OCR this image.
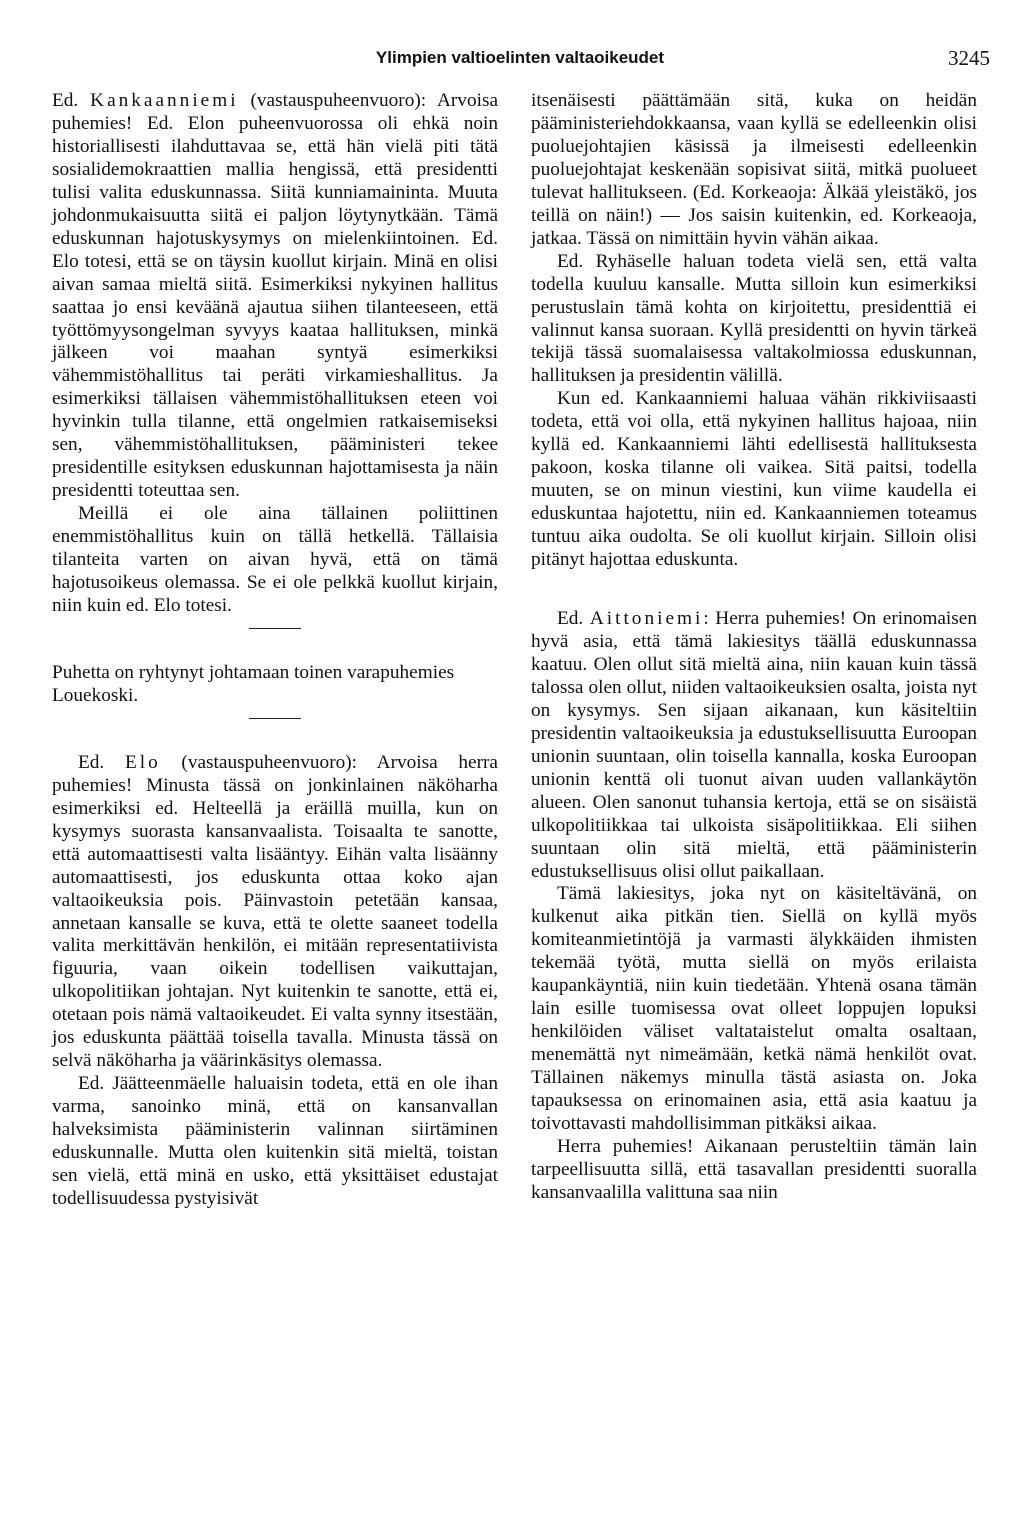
Ylimpien valtioelinten valtaoikeudet	3245

Ed. Kankaanniemi (vastauspuheenvuoro): Arvoisa puhemies! Ed. Elon puheenvuorossa oli ehkä noin historiallisesti ilahduttavaa se, että hän vielä piti tätä sosialidemokraattien mallia hengissä, että presidentti tulisi valita eduskunnassa. Siitä kunniamaininta. Muuta johdonmukaisuutta siitä ei paljon löytynytkään. Tämä eduskunnan hajotuskysymys on mielenkiintoinen. Ed. Elo totesi, että se on täysin kuollut kirjain. Minä en olisi aivan samaa mieltä siitä. Esimerkiksi nykyinen hallitus saattaa jo ensi keväänä ajautua siihen tilanteeseen, että työttömyysongelman syvyys kaataa hallituksen, minkä jälkeen voi maahan syntyä esimerkiksi vähemmistöhallitus tai peräti virkamieshallitus. Ja esimerkiksi tällaisen vähemmistöhallituksen eteen voi hyvinkin tulla tilanne, että ongelmien ratkaisemiseksi sen, vähemmistöhallituksen, pääministeri tekee presidentille esityksen eduskunnan hajottamisesta ja näin presidentti toteuttaa sen.

Meillä ei ole aina tällainen poliittinen enemmistöhallitus kuin on tällä hetkellä. Tällaisia tilanteita varten on aivan hyvä, että on tämä hajotusoikeus olemassa. Se ei ole pelkkä kuollut kirjain, niin kuin ed. Elo totesi.

Puhetta on ryhtynyt johtamaan toinen varapuhemies Louekoski.

Ed. Elo (vastauspuheenvuoro): Arvoisa herra puhemies! Minusta tässä on jonkinlainen näköharha esimerkiksi ed. Helteellä ja eräillä muilla, kun on kysymys suorasta kansanvaalista. Toisaalta te sanotte, että automaattisesti valta lisääntyy. Eihän valta lisäänny automaattisesti, jos eduskunta ottaa koko ajan valtaoikeuksia pois. Päinvastoin petetään kansaa, annetaan kansalle se kuva, että te olette saaneet todella valita merkittävän henkilön, ei mitään representatiivista figuuria, vaan oikein todellisen vaikuttajan, ulkopolitiikan johtajan. Nyt kuitenkin te sanotte, että ei, otetaan pois nämä valtaoikeudet. Ei valta synny itsestään, jos eduskunta päättää toisella tavalla. Minusta tässä on selvä näköharha ja väärinkäsitys olemassa.

Ed. Jäätteenmäelle haluaisin todeta, että en ole ihan varma, sanoinko minä, että on kansanvallan halveksimista pääministerin valinnan siirtäminen eduskunnalle. Mutta olen kuitenkin sitä mieltä, toistan sen vielä, että minä en usko, että yksittäiset edustajat todellisuudessa pystyisivät

itsenäisesti päättämään sitä, kuka on heidän pääministeriehdokkaansa, vaan kyllä se edelleenkin olisi puoluejohtajien käsissä ja ilmeisesti edelleenkin puoluejohtajat keskenään sopisivat siitä, mitkä puolueet tulevat hallitukseen. (Ed. Korkeaoja: Älkää yleistäkö, jos teillä on näin!) — Jos saisin kuitenkin, ed. Korkeaoja, jatkaa. Tässä on nimittäin hyvin vähän aikaa.

Ed. Ryhäselle haluan todeta vielä sen, että valta todella kuuluu kansalle. Mutta silloin kun esimerkiksi perustuslain tämä kohta on kirjoitettu, presidenttiä ei valinnut kansa suoraan. Kyllä presidentti on hyvin tärkeä tekijä tässä suomalaisessa valtakolmiossa eduskunnan, hallituksen ja presidentin välillä.

Kun ed. Kankaanniemi haluaa vähän rikkiviisaasti todeta, että voi olla, että nykyinen hallitus hajoaa, niin kyllä ed. Kankaanniemi lähti edellisestä hallituksesta pakoon, koska tilanne oli vaikea. Sitä paitsi, todella muuten, se on minun viestini, kun viime kaudella ei eduskuntaa hajotettu, niin ed. Kankaanniemen toteamus tuntuu aika oudolta. Se oli kuollut kirjain. Silloin olisi pitänyt hajottaa eduskunta.

Ed. Aittoniemi: Herra puhemies! On erinomaisen hyvä asia, että tämä lakiesitys täällä eduskunnassa kaatuu. Olen ollut sitä mieltä aina, niin kauan kuin tässä talossa olen ollut, niiden valtaoikeuksien osalta, joista nyt on kysymys. Sen sijaan aikanaan, kun käsiteltiin presidentin valtaoikeuksia ja edustuksellisuutta Euroopan unionin suuntaan, olin toisella kannalla, koska Euroopan unionin kenttä oli tuonut aivan uuden vallankäytön alueen. Olen sanonut tuhansia kertoja, että se on sisäistä ulkopolitiikkaa tai ulkoista sisäpolitiikkaa. Eli siihen suuntaan olin sitä mieltä, että pääministerin edustuksellisuus olisi ollut paikallaan.

Tämä lakiesitys, joka nyt on käsiteltävänä, on kulkenut aika pitkän tien. Siellä on kyllä myös komiteanmietintöjä ja varmasti älykkäiden ihmisten tekemää työtä, mutta siellä on myös erilaista kaupankäyntiä, niin kuin tiedetään. Yhtenä osana tämän lain esille tuomisessa ovat olleet loppujen lopuksi henkilöiden väliset valtataistelut omalta osaltaan, menemättä nyt nimeämään, ketkä nämä henkilöt ovat. Tällainen näkemys minulla tästä asiasta on. Joka tapauksessa on erinomainen asia, että asia kaatuu ja toivottavasti mahdollisimman pitkäksi aikaa.

Herra puhemies! Aikanaan perusteltiin tämän lain tarpeellisuutta sillä, että tasavallan presidentti suoralla kansanvaalilla valittuna saa niin
